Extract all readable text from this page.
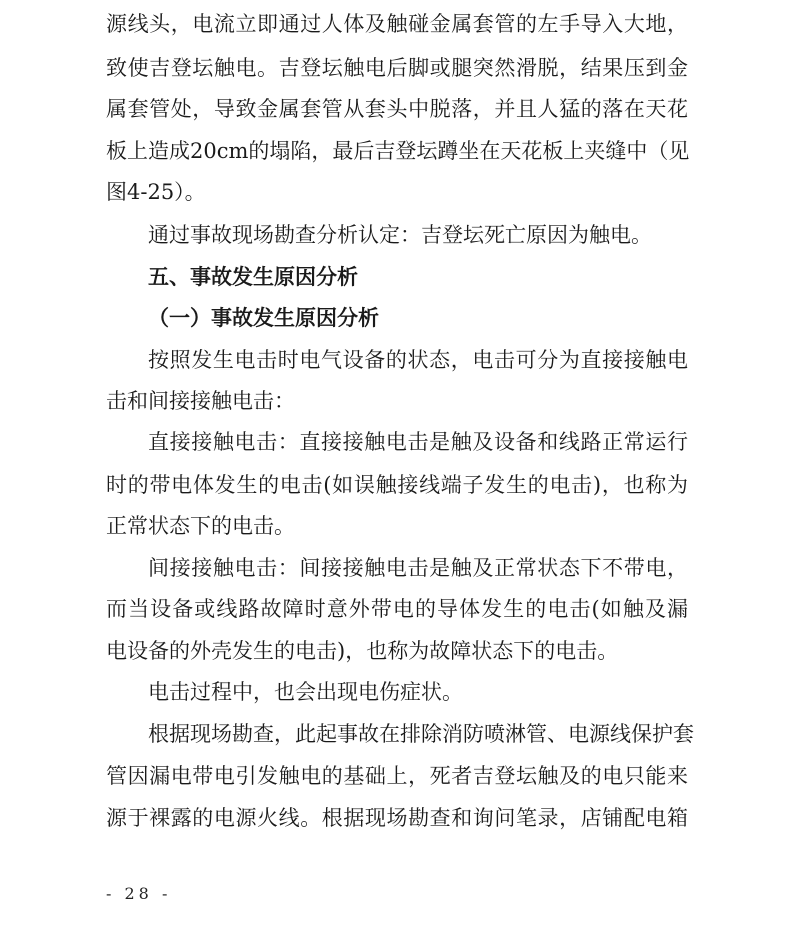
源线头，电流立即通过人体及触碰金属套管的左手导入大地，
致使吉登坛触电。吉登坛触电后脚或腿突然滑脱，结果压到金
属套管处，导致金属套管从套头中脱落，并且人猛的落在天花
板上造成20cm的塌陷，最后吉登坛蹲坐在天花板上夹缝中（见
图4-25）。
通过事故现场勘查分析认定：吉登坛死亡原因为触电。
五、事故发生原因分析
（一）事故发生原因分析
按照发生电击时电气设备的状态，电击可分为直接接触电
击和间接接触电击：
直接接触电击：直接接触电击是触及设备和线路正常运行
时的带电体发生的电击(如误触接线端子发生的电击)，也称为
正常状态下的电击。
间接接触电击：间接接触电击是触及正常状态下不带电，
而当设备或线路故障时意外带电的导体发生的电击(如触及漏
电设备的外壳发生的电击)，也称为故障状态下的电击。
电击过程中，也会出现电伤症状。
根据现场勘查，此起事故在排除消防喷淋管、电源线保护套
管因漏电带电引发触电的基础上，死者吉登坛触及的电只能来
源于裸露的电源火线。根据现场勘查和询问笔录，店铺配电箱
- 28 -
